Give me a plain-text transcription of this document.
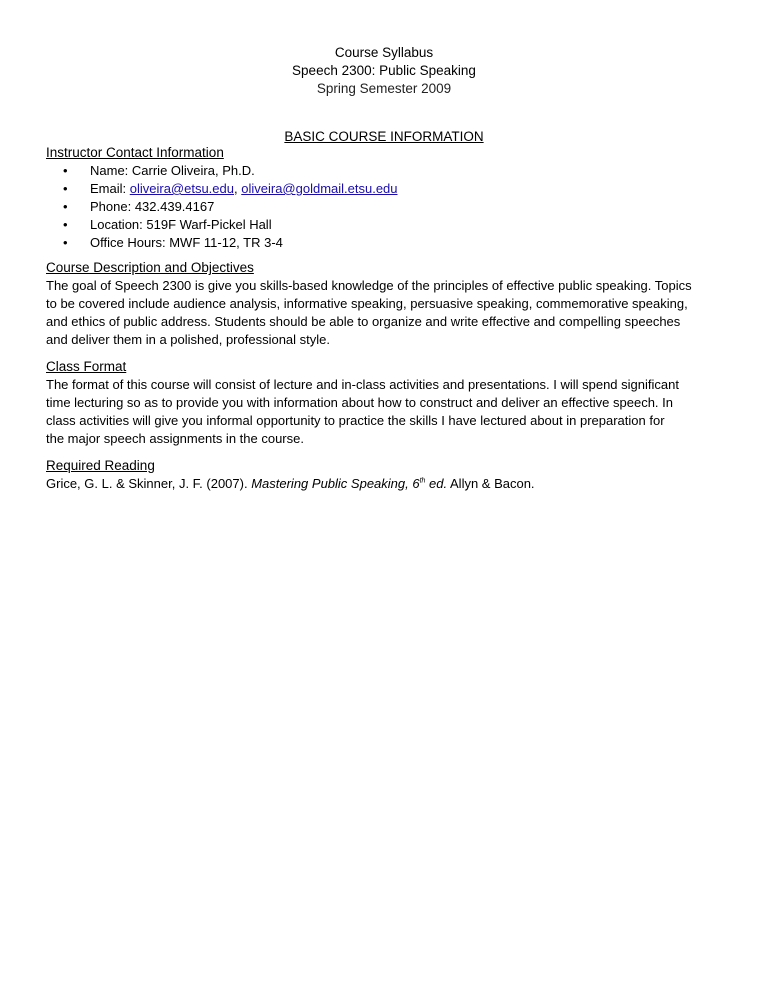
Course Syllabus
Speech 2300: Public Speaking
Spring Semester 2009
BASIC COURSE INFORMATION
Instructor Contact Information
• Name: Carrie Oliveira, Ph.D.
• Email: oliveira@etsu.edu, oliveira@goldmail.etsu.edu
• Phone: 432.439.4167
• Location: 519F Warf-Pickel Hall
• Office Hours: MWF 11-12, TR 3-4
Course Description and Objectives
The goal of Speech 2300 is give you skills-based knowledge of the principles of effective public speaking. Topics
to be covered include audience analysis, informative speaking, persuasive speaking, commemorative speaking,
and ethics of public address. Students should be able to organize and write effective and compelling speeches
and deliver them in a polished, professional style.
Class Format
The format of this course will consist of lecture and in-class activities and presentations. I will spend significant
time lecturing so as to provide you with information about how to construct and deliver an effective speech. In
class activities will give you informal opportunity to practice the skills I have lectured about in preparation for
the major speech assignments in the course.
Required Reading
Grice, G. L. & Skinner, J. F. (2007). Mastering Public Speaking, 6th ed. Allyn & Bacon.
